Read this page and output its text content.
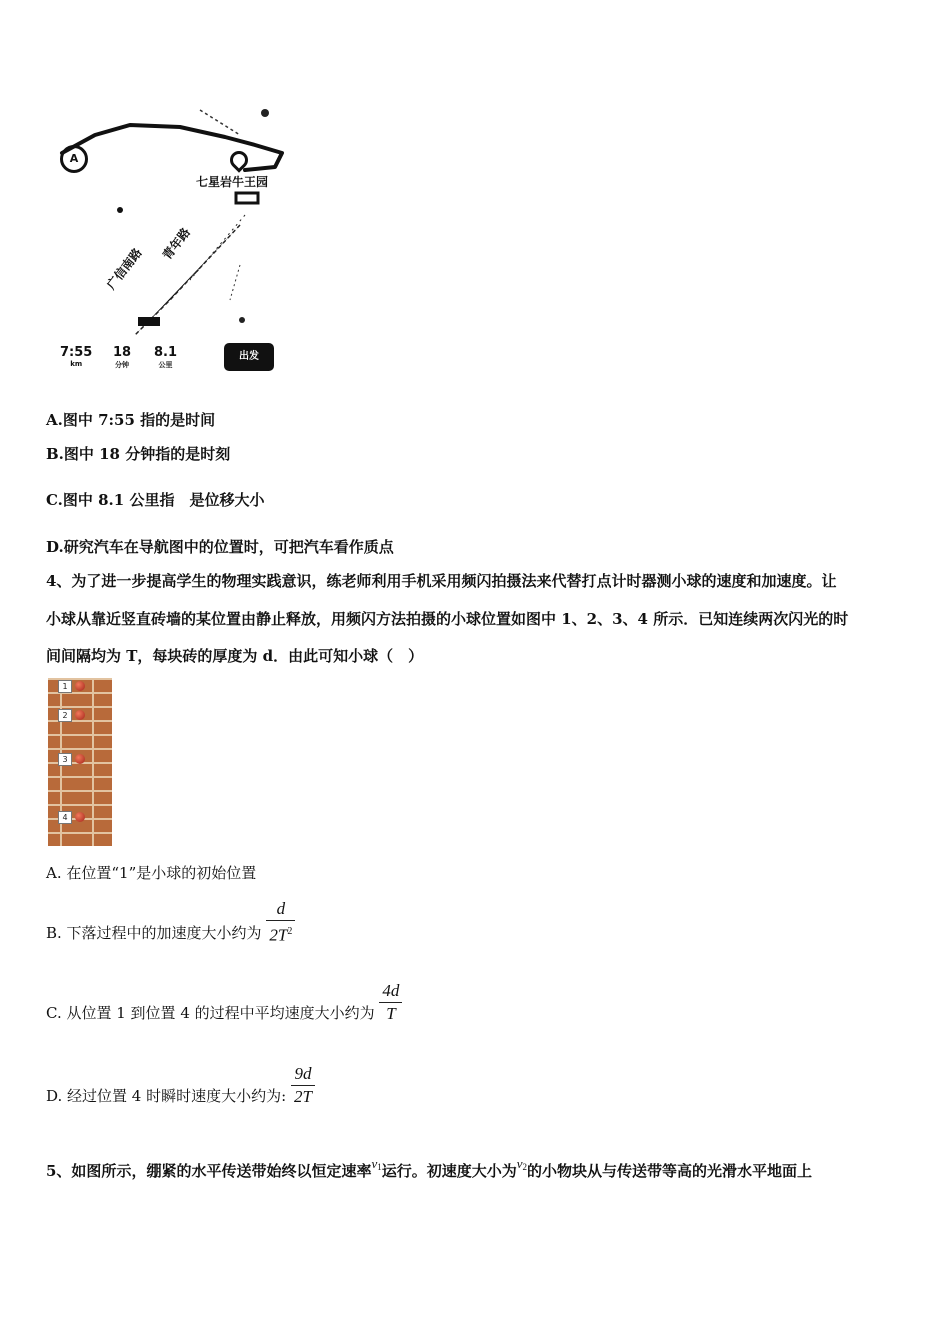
A
七星岩牛王园
广信南路
青年路
7:55
km
18
分钟
8.1
公里
出发
A.图中 7:55 指的是时间
B.图中 18 分钟指的是时刻
C.图中 8.1 公里指　是位移大小
D.研究汽车在导航图中的位置时，可把汽车看作质点
4、为了进一步提高学生的物理实践意识，练老师利用手机采用频闪拍摄法来代替打点计时器测小球的速度和加速度。让
小球从靠近竖直砖墙的某位置由静止释放，用频闪方法拍摄的小球位置如图中 1、2、3、4 所示．已知连续两次闪光的时
间间隔均为 T，每块砖的厚度为 d．由此可知小球（　）
1
2
3
4
A. 在位置“1”是小球的初始位置
B. 下落过程中的加速度大小约为 $\frac{d}{2T^2}$
C. 从位置 1 到位置 4 的过程中平均速度大小约为 $\frac{4d}{T}$
D. 经过位置 4 时瞬时速度大小约为: $\frac{9d}{2T}$
5、如图所示，绷紧的水平传送带始终以恒定速率$v_1$运行。初速度大小为$v_2$的小物块从与传送带等高的光滑水平地面上
